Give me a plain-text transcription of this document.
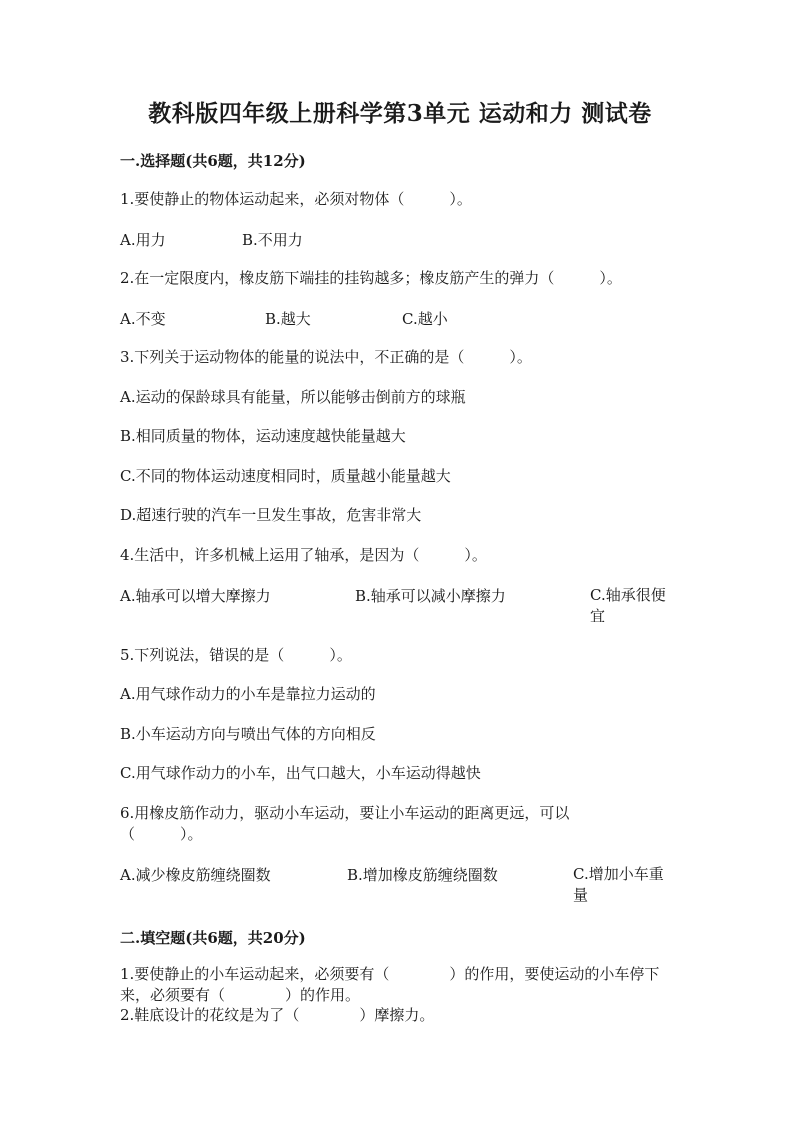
教科版四年级上册科学第3单元 运动和力 测试卷
一.选择题(共6题，共12分)
1.要使静止的物体运动起来，必须对物体（　　　）。
A.用力	B.不用力
2.在一定限度内，橡皮筋下端挂的挂钩越多；橡皮筋产生的弹力（　　　）。
A.不变	B.越大	C.越小
3.下列关于运动物体的能量的说法中，不正确的是（　　　）。
A.运动的保龄球具有能量，所以能够击倒前方的球瓶
B.相同质量的物体，运动速度越快能量越大
C.不同的物体运动速度相同时，质量越小能量越大
D.超速行驶的汽车一旦发生事故，危害非常大
4.生活中，许多机械上运用了轴承，是因为（　　　）。
A.轴承可以增大摩擦力	B.轴承可以减小摩擦力	C.轴承很便宜
5.下列说法，错误的是（　　　）。
A.用气球作动力的小车是靠拉力运动的
B.小车运动方向与喷出气体的方向相反
C.用气球作动力的小车，出气口越大，小车运动得越快
6.用橡皮筋作动力，驱动小车运动，要让小车运动的距离更远，可以（　　　）。
A.减少橡皮筋缠绕圈数	B.增加橡皮筋缠绕圈数	C.增加小车重量
二.填空题(共6题，共20分)
1.要使静止的小车运动起来，必须要有（　　　　）的作用，要使运动的小车停下来，必须要有（　　　　）的作用。
2.鞋底设计的花纹是为了（　　　　）摩擦力。
